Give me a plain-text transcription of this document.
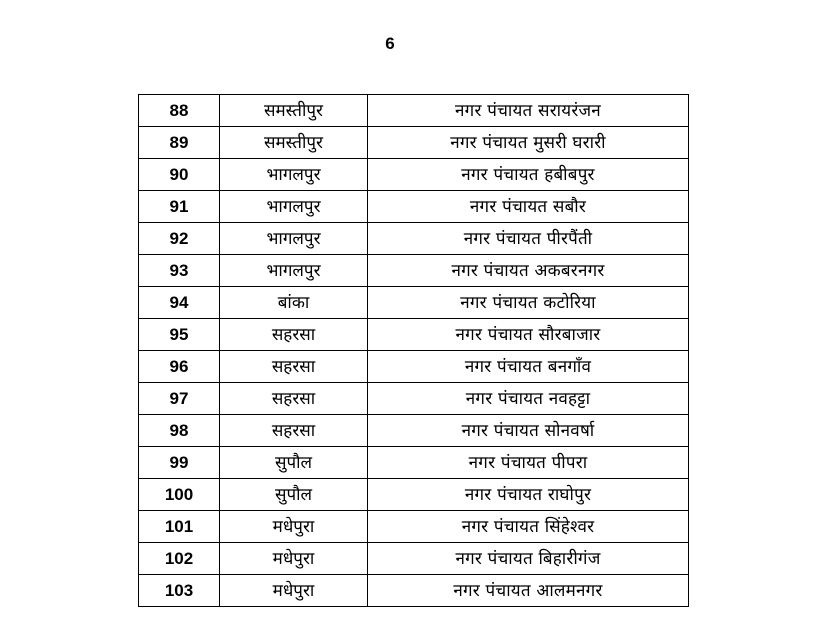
6
88	समस्तीपुर	नगर पंचायत सरायरंजन
89	समस्तीपुर	नगर पंचायत मुसरी घरारी
90	भागलपुर	नगर पंचायत हबीबपुर
91	भागलपुर	नगर पंचायत सबौर
92	भागलपुर	नगर पंचायत पीरपैंती
93	भागलपुर	नगर पंचायत अकबरनगर
94	बांका	नगर पंचायत कटोरिया
95	सहरसा	नगर पंचायत सौरबाजार
96	सहरसा	नगर पंचायत बनगाँव
97	सहरसा	नगर पंचायत नवहट्टा
98	सहरसा	नगर पंचायत सोनवर्षा
99	सुपौल	नगर पंचायत पीपरा
100	सुपौल	नगर पंचायत राघोपुर
101	मधेपुरा	नगर पंचायत सिंहेश्वर
102	मधेपुरा	नगर पंचायत बिहारीगंज
103	मधेपुरा	नगर पंचायत आलमनगर
